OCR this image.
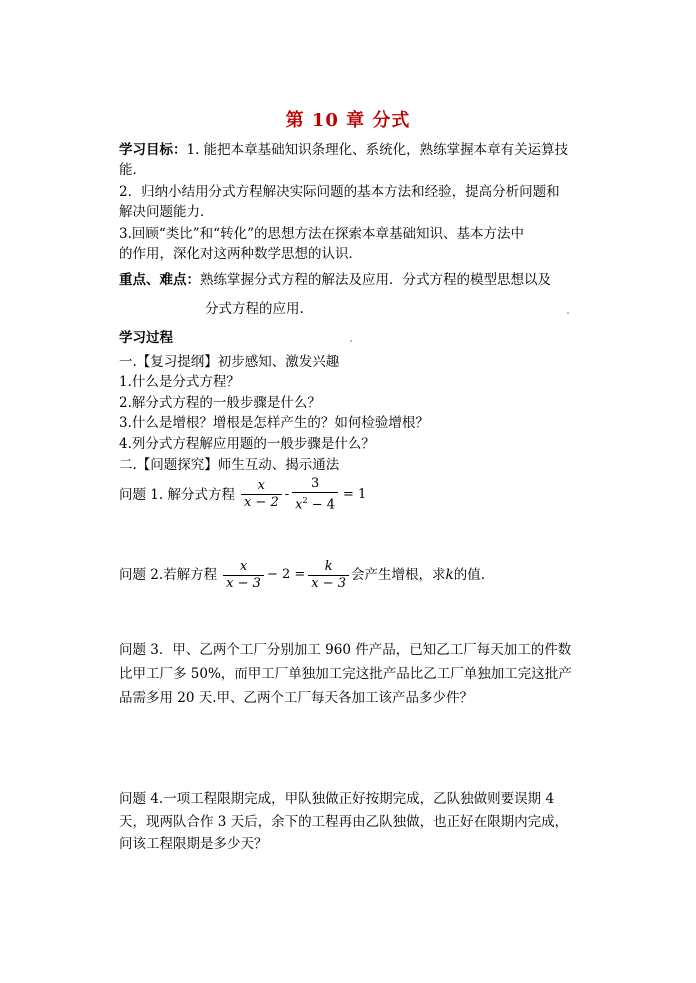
第 10 章 分式
学习目标：1. 能把本章基础知识条理化、系统化，熟练掌握本章有关运算技
能．
2．归纳小结用分式方程解决实际问题的基本方法和经验，提高分析问题和
解决问题能力．
3.回顾“类比”和“转化”的思想方法在探索本章基础知识、基本方法中
的作用，深化对这两种数学思想的认识．
重点、难点：熟练掌握分式方程的解法及应用．分式方程的模型思想以及
分式方程的应用.
学习过程
一.【复习提纲】初步感知、激发兴趣
1.什么是分式方程？
2.解分式方程的一般步骤是什么？
3.什么是增根？增根是怎样产生的？如何检验增根？
4.列分式方程解应用题的一般步骤是什么？
二.【问题探究】师生互动、揭示通法
问题 1. 解分式方程 $\frac{x}{x - 2} - \frac{3}{x^2 - 4} = 1$
问题 2.若解方程 $\frac{x}{x - 3} - 2 = \frac{k}{x - 3}$ 会产生增根，求 k 的值.
问题 3．甲、乙两个工厂分别加工 960 件产品，已知乙工厂每天加工的件数
比甲工厂多 50%，而甲工厂单独加工完这批产品比乙工厂单独加工完这批产
品需多用 20 天.甲、乙两个工厂每天各加工该产品多少件？
问题 4.一项工程限期完成，甲队独做正好按期完成，乙队独做则要误期 4
天，现两队合作 3 天后，余下的工程再由乙队独做，也正好在限期内完成，
问该工程限期是多少天？
